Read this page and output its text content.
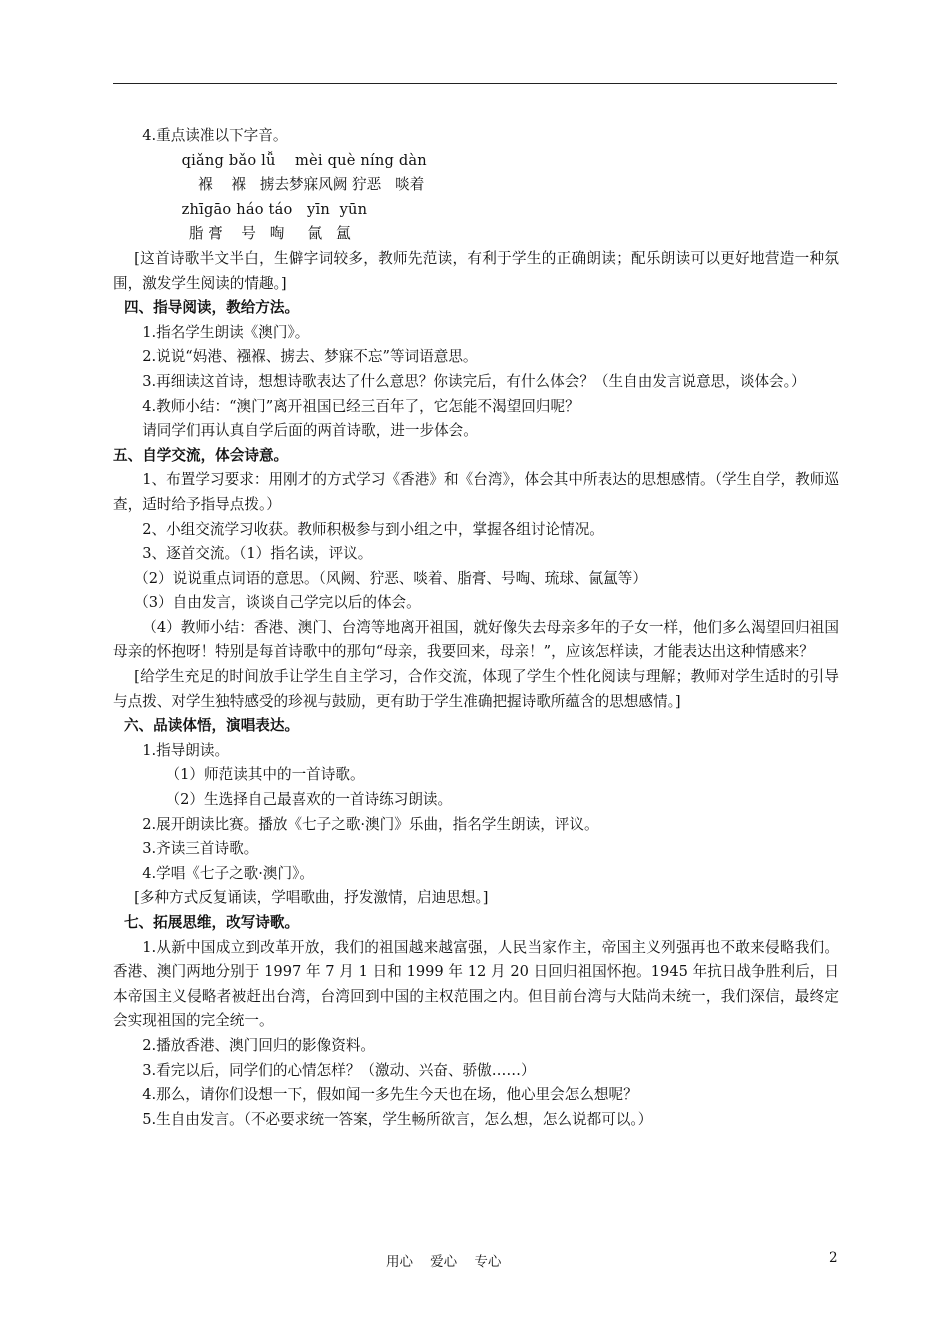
4.重点读准以下字音。

qiǎng bǎo lǚ    mèi què níng dàn

褓    褓   掳去梦寐风阙 狞恶   啖着

zhīgāo háo táo   yīn  yūn

脂 膏    号   啕     氤   氲

[这首诗歌半文半白，生僻字词较多，教师先范读，有利于学生的正确朗读；配乐朗读可以更好地营造一种氛围，激发学生阅读的情趣。]

四、指导阅读，教给方法。

1.指名学生朗读《澳门》。

2.说说“妈港、襁褓、掳去、梦寐不忘”等词语意思。

3.再细读这首诗，想想诗歌表达了什么意思？你读完后，有什么体会？（生自由发言说意思，谈体会。）

4.教师小结：“澳门”离开祖国已经三百年了，它怎能不渴望回归呢？

请同学们再认真自学后面的两首诗歌，进一步体会。

五、自学交流，体会诗意。

1、布置学习要求：用刚才的方式学习《香港》和《台湾》，体会其中所表达的思想感情。（学生自学，教师巡查，适时给予指导点拨。）

2、小组交流学习收获。教师积极参与到小组之中，掌握各组讨论情况。

3、逐首交流。（1）指名读，评议。

（2）说说重点词语的意思。（风阙、狞恶、啖着、脂膏、号啕、琉球、氤氲等）

（3）自由发言，谈谈自己学完以后的体会。

（4）教师小结：香港、澳门、台湾等地离开祖国，就好像失去母亲多年的子女一样，他们多么渴望回归祖国母亲的怀抱呀！特别是每首诗歌中的那句“母亲，我要回来，母亲！”，应该怎样读，才能表达出这种情感来？

[给学生充足的时间放手让学生自主学习，合作交流，体现了学生个性化阅读与理解；教师对学生适时的引导与点拨、对学生独特感受的珍视与鼓励，更有助于学生准确把握诗歌所蕴含的思想感情。]

六、品读体悟，演唱表达。

1.指导朗读。

（1）师范读其中的一首诗歌。

（2）生选择自己最喜欢的一首诗练习朗读。

2.展开朗读比赛。播放《七子之歌·澳门》乐曲，指名学生朗读，评议。

3.齐读三首诗歌。

4.学唱《七子之歌·澳门》。

[多种方式反复诵读，学唱歌曲，抒发激情，启迪思想。]

七、拓展思维，改写诗歌。

1.从新中国成立到改革开放，我们的祖国越来越富强，人民当家作主，帝国主义列强再也不敢来侵略我们。香港、澳门两地分别于 1997 年 7 月 1 日和 1999 年 12 月 20 日回归祖国怀抱。1945 年抗日战争胜利后，日本帝国主义侵略者被赶出台湾，台湾回到中国的主权范围之内。但目前台湾与大陆尚未统一，我们深信，最终定会实现祖国的完全统一。

2.播放香港、澳门回归的影像资料。

3.看完以后，同学们的心情怎样？（激动、兴奋、骄傲……）

4.那么，请你们设想一下，假如闻一多先生今天也在场，他心里会怎么想呢？

5.生自由发言。（不必要求统一答案，学生畅所欲言，怎么想，怎么说都可以。）

用心    爱心    专心	2
